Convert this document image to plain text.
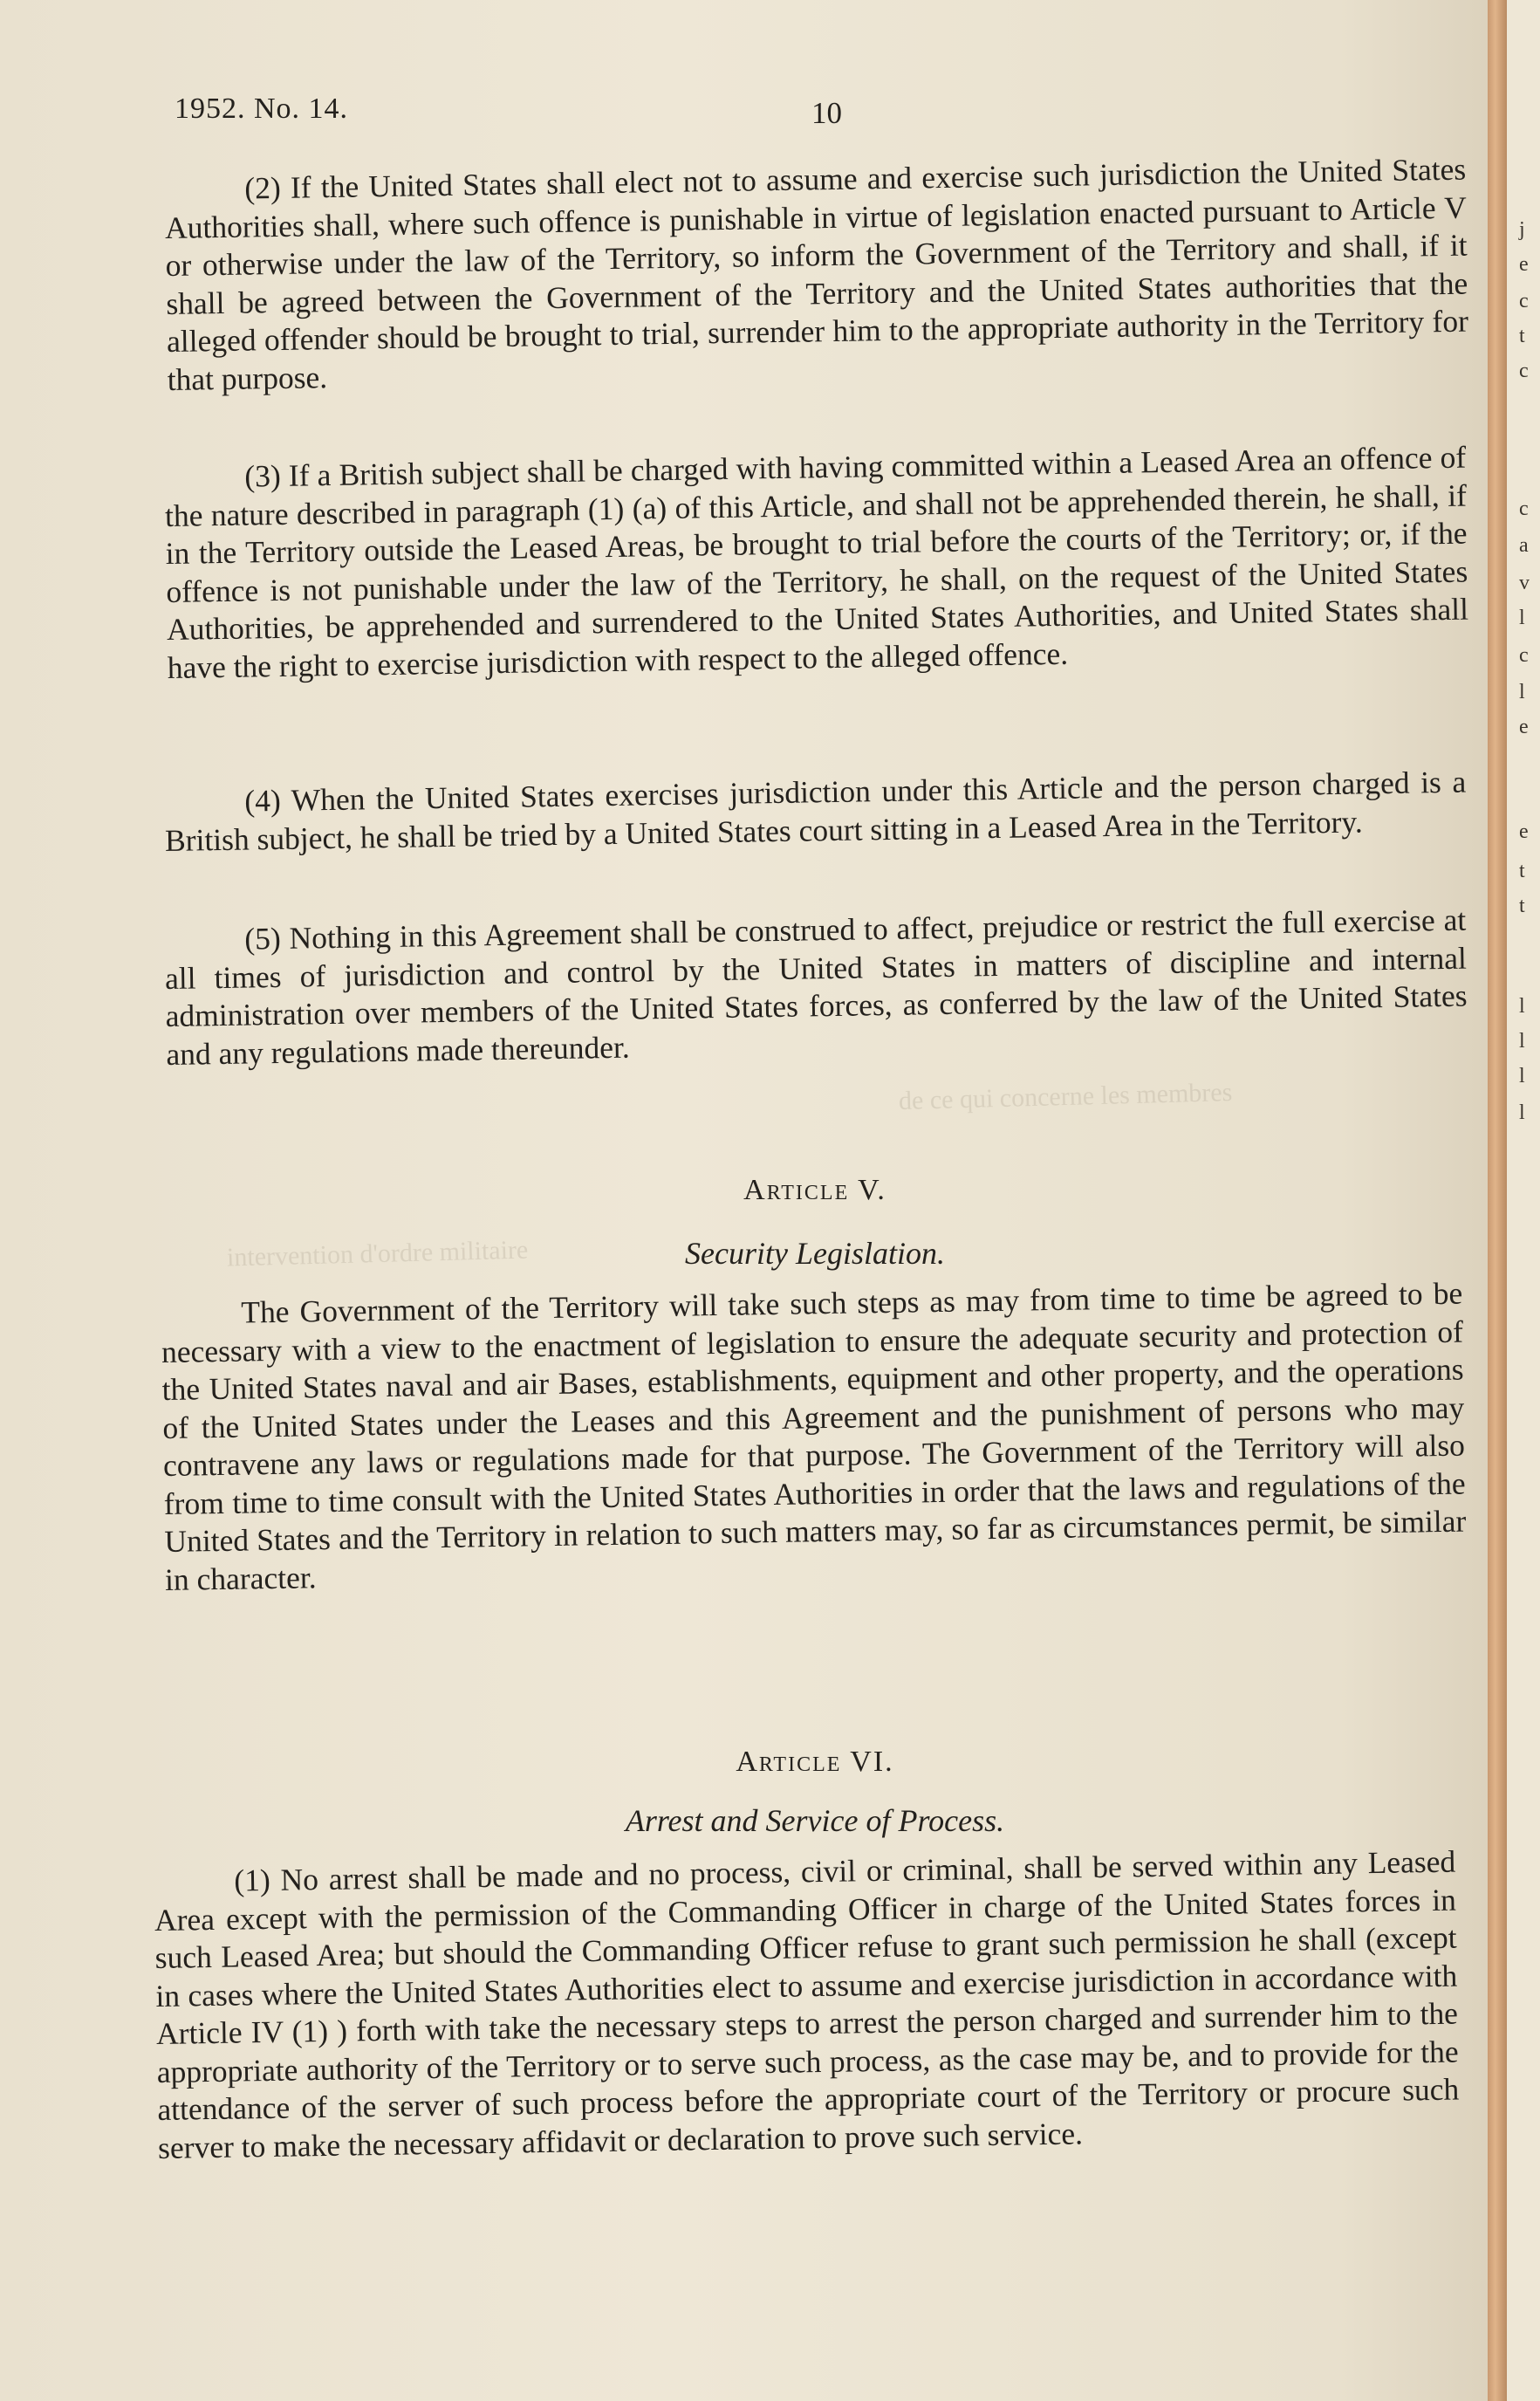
de ce qui concerne les membres
intervention d'ordre militaire
1952. No. 14.	10

(2) If the United States shall elect not to assume and exercise such jurisdiction the United States Authorities shall, where such offence is punishable in virtue of legislation enacted pursuant to Article V or otherwise under the law of the Territory, so inform the Government of the Territory and shall, if it shall be agreed between the Government of the Territory and the United States authorities that the alleged offender should be brought to trial, surrender him to the appropriate authority in the Territory for that purpose.

(3) If a British subject shall be charged with having committed within a Leased Area an offence of the nature described in paragraph (1) (a) of this Article, and shall not be apprehended therein, he shall, if in the Territory outside the Leased Areas, be brought to trial before the courts of the Territory; or, if the offence is not punishable under the law of the Territory, he shall, on the request of the United States Authorities, be apprehended and surrendered to the United States Authorities, and United States shall have the right to exercise jurisdiction with respect to the alleged offence.

(4) When the United States exercises jurisdiction under this Article and the person charged is a British subject, he shall be tried by a United States court sitting in a Leased Area in the Territory.

(5) Nothing in this Agreement shall be construed to affect, prejudice or restrict the full exercise at all times of jurisdiction and control by the United States in matters of discipline and internal administration over members of the United States forces, as conferred by the law of the United States and any regulations made thereunder.

Article V.
Security Legislation.

The Government of the Territory will take such steps as may from time to time be agreed to be necessary with a view to the enactment of legislation to ensure the adequate security and protection of the United States naval and air Bases, establishments, equipment and other property, and the operations of the United States under the Leases and this Agreement and the punishment of persons who may contravene any laws or regulations made for that purpose. The Government of the Territory will also from time to time consult with the United States Authorities in order that the laws and regulations of the United States and the Territory in relation to such matters may, so far as circumstances permit, be similar in character.

Article VI.
Arrest and Service of Process.

(1) No arrest shall be made and no process, civil or criminal, shall be served within any Leased Area except with the permission of the Commanding Officer in charge of the United States forces in such Leased Area; but should the Commanding Officer refuse to grant such permission he shall (except in cases where the United States Authorities elect to assume and exercise jurisdiction in accordance with Article IV (1) ) forth with take the necessary steps to arrest the person charged and surrender him to the appropriate authority of the Territory or to serve such process, as the case may be, and to provide for the attendance of the server of such process before the appropriate court of the Territory or procure such server to make the necessary affidavit or declaration to prove such service.

j
e
c
t
c
c
a
v
l
c
l
e
e
t
t
l
l
l
l
